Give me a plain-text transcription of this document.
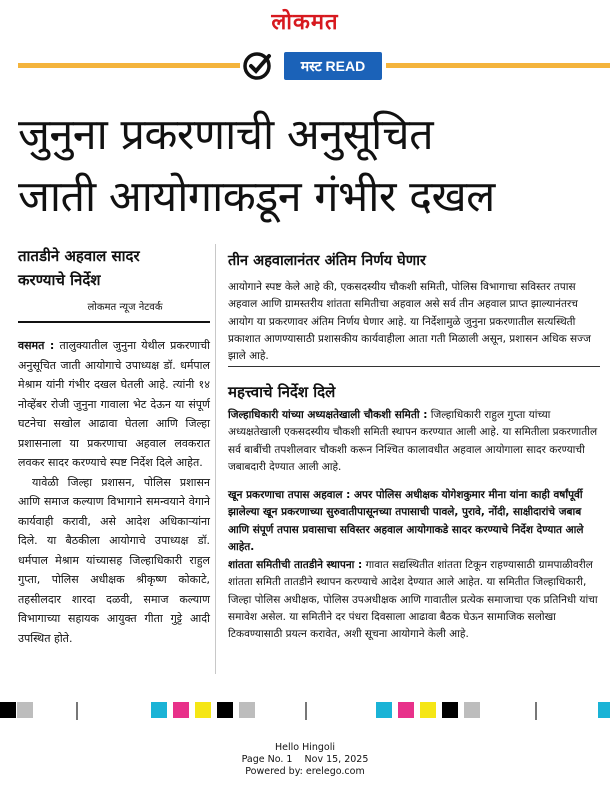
लोकमत
मस्ट READ
जुनुना प्रकरणाची अनुसूचित
जाती आयोगाकडून गंभीर दखल
तातडीने अहवाल सादर
करण्याचे निर्देश
लोकमत न्यूज नेटवर्क

वसमत : तालुक्यातील जुनुना येथील प्रकरणाची अनुसूचित जाती आयोगाचे उपाध्यक्ष डॉ. धर्मपाल मेश्राम यांनी गंभीर दखल घेतली आहे. त्यांनी १४ नोव्हेंबर रोजी जुनुना गावाला भेट देऊन या संपूर्ण घटनेचा सखोल आढावा घेतला आणि जिल्हा प्रशासनाला या प्रकरणाचा अहवाल लवकरात लवकर सादर करण्याचे स्पष्ट निर्देश दिले आहेत.

यावेळी जिल्हा प्रशासन, पोलिस प्रशासन आणि समाज कल्याण विभागाने समन्वयाने वेगाने कार्यवाही करावी, असे आदेश अधिकाऱ्यांना दिले. या बैठकीला आयोगाचे उपाध्यक्ष डॉ. धर्मपाल मेश्राम यांच्यासह जिल्हाधिकारी राहुल गुप्ता, पोलिस अधीक्षक श्रीकृष्ण कोकाटे, तहसीलदार शारदा दळवी, समाज कल्याण विभागाच्या सहायक आयुक्त गीता गुट्टे आदी उपस्थित होते.

तीन अहवालानंतर अंतिम निर्णय घेणार
आयोगाने स्पष्ट केले आहे की, एकसदस्यीय चौकशी समिती, पोलिस विभागाचा सविस्तर तपास अहवाल आणि ग्रामस्तरीय शांतता समितीचा अहवाल असे सर्व तीन अहवाल प्राप्त झाल्यानंतरच आयोग या प्रकरणावर अंतिम निर्णय घेणार आहे. या निर्देशामुळे जुनुना प्रकरणातील सत्यस्थिती प्रकाशात आणण्यासाठी प्रशासकीय कार्यवाहीला आता गती मिळाली असून, प्रशासन अधिक सज्ज झाले आहे.
महत्त्वाचे निर्देश दिले
जिल्हाधिकारी यांच्या अध्यक्षतेखाली चौकशी समिती : जिल्हाधिकारी राहुल गुप्ता यांच्या अध्यक्षतेखाली एकसदस्यीय चौकशी समिती स्थापन करण्यात आली आहे. या समितीला प्रकरणातील सर्व बाबींची तपशीलवार चौकशी करून निश्चित कालावधीत अहवाल आयोगाला सादर करण्याची जबाबदारी देण्यात आली आहे.
खून प्रकरणाचा तपास अहवाल : अपर पोलिस अधीक्षक योगेशकुमार मीना यांना काही वर्षांपूर्वी झालेल्या खून प्रकरणाच्या सुरुवातीपासूनच्या तपासाची पावले, पुरावे, नोंदी, साक्षीदारांचे जबाब आणि संपूर्ण तपास प्रवासाचा सविस्तर अहवाल आयोगाकडे सादर करण्याचे निर्देश देण्यात आले आहेत.
शांतता समितीची तातडीने स्थापना : गावात सद्यस्थितीत शांतता टिकून राहण्यासाठी ग्रामपाळीवरील शांतता समिती तातडीने स्थापन करण्याचे आदेश देण्यात आले आहेत. या समितीत जिल्हाधिकारी, जिल्हा पोलिस अधीक्षक, पोलिस उपअधीक्षक आणि गावातील प्रत्येक समाजाचा एक प्रतिनिधी यांचा समावेश असेल. या समितीने दर पंधरा दिवसाला आढावा बैठक घेऊन सामाजिक सलोखा टिकवण्यासाठी प्रयत्न करावेत, अशी सूचना आयोगाने केली आहे.
Hello Hingoli
Page No. 1    Nov 15, 2025
Powered by: erelego.com
